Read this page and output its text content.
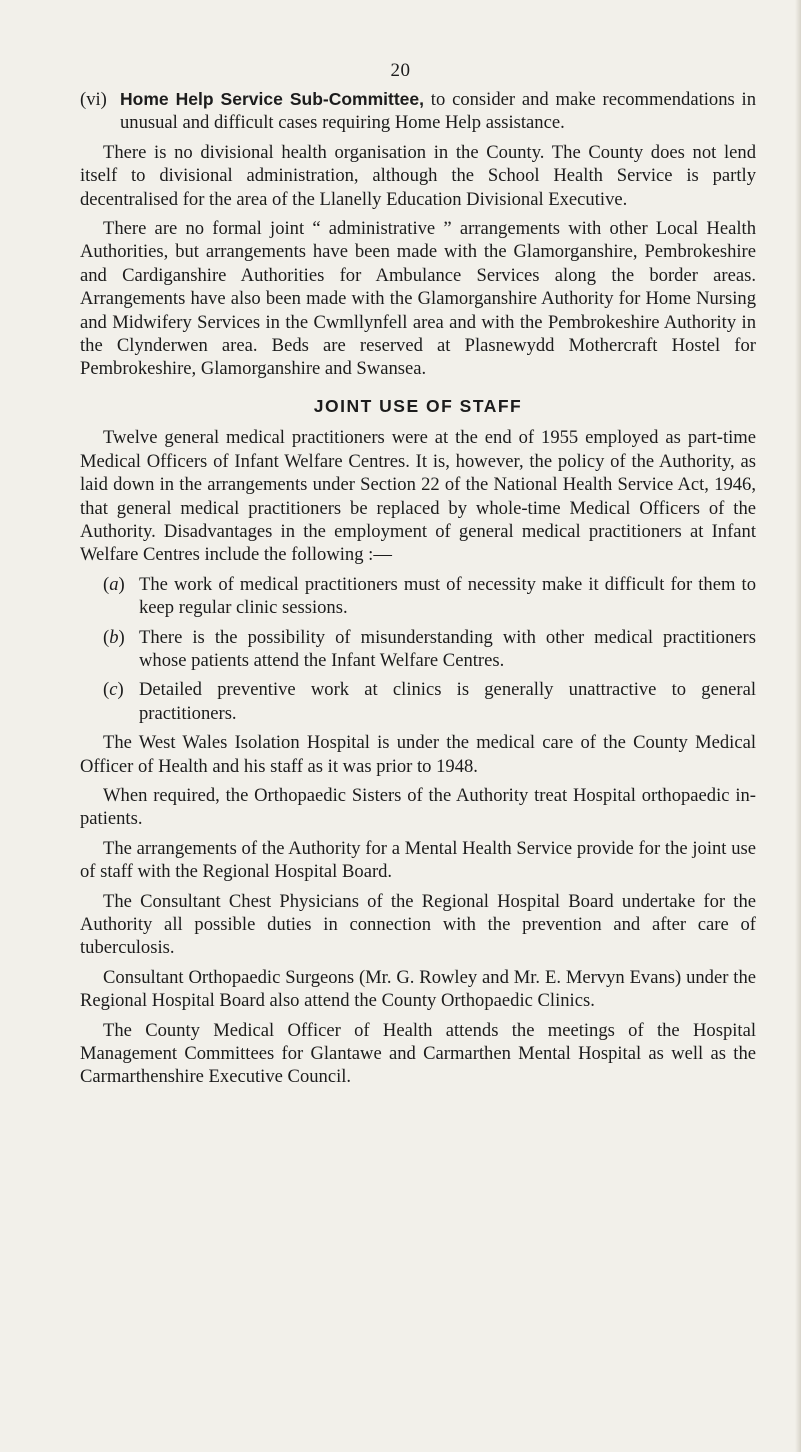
20
(vi) Home Help Service Sub-Committee, to consider and make recommendations in unusual and difficult cases requiring Home Help assistance.

There is no divisional health organisation in the County. The County does not lend itself to divisional administration, although the School Health Service is partly decentralised for the area of the Llanelly Education Divisional Executive.

There are no formal joint “ administrative ” arrangements with other Local Health Authorities, but arrangements have been made with the Glamorganshire, Pembrokeshire and Cardiganshire Authorities for Ambulance Services along the border areas. Arrangements have also been made with the Glamorganshire Authority for Home Nursing and Midwifery Services in the Cwmllynfell area and with the Pembrokeshire Authority in the Clynderwen area. Beds are reserved at Plasnewydd Mothercraft Hostel for Pembrokeshire, Glamorganshire and Swansea.

JOINT USE OF STAFF

Twelve general medical practitioners were at the end of 1955 employed as part-time Medical Officers of Infant Welfare Centres. It is, however, the policy of the Authority, as laid down in the arrangements under Section 22 of the National Health Service Act, 1946, that general medical practitioners be replaced by whole-time Medical Officers of the Authority. Disadvantages in the employment of general medical practitioners at Infant Welfare Centres include the following :—

(a) The work of medical practitioners must of necessity make it difficult for them to keep regular clinic sessions.
(b) There is the possibility of misunderstanding with other medical practitioners whose patients attend the Infant Welfare Centres.
(c) Detailed preventive work at clinics is generally unattractive to general practitioners.

The West Wales Isolation Hospital is under the medical care of the County Medical Officer of Health and his staff as it was prior to 1948.

When required, the Orthopaedic Sisters of the Authority treat Hospital orthopaedic in-patients.

The arrangements of the Authority for a Mental Health Service provide for the joint use of staff with the Regional Hospital Board.

The Consultant Chest Physicians of the Regional Hospital Board undertake for the Authority all possible duties in connection with the prevention and after care of tuberculosis.

Consultant Orthopaedic Surgeons (Mr. G. Rowley and Mr. E. Mervyn Evans) under the Regional Hospital Board also attend the County Orthopaedic Clinics.

The County Medical Officer of Health attends the meetings of the Hospital Management Committees for Glantawe and Carmarthen Mental Hospital as well as the Carmarthenshire Executive Council.
